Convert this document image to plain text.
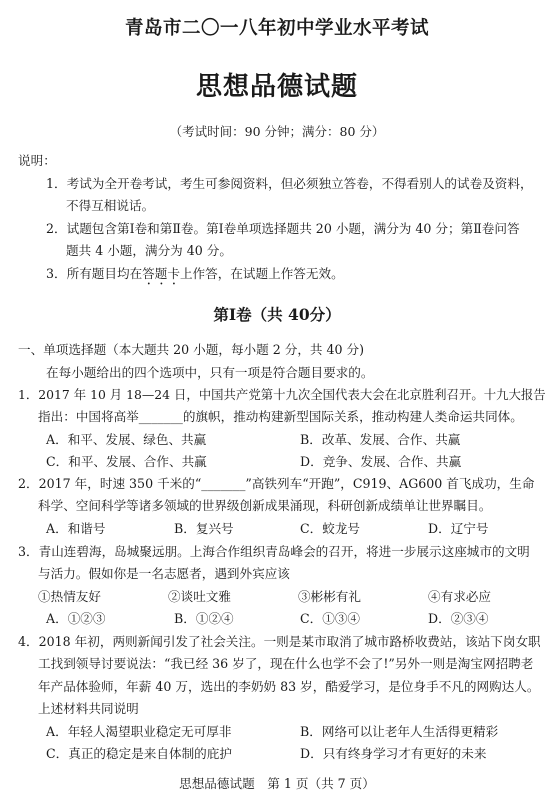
青岛市二〇一八年初中学业水平考试
思想品德试题
（考试时间：90 分钟；满分：80 分）
说明：
1．考试为全开卷考试，考生可参阅资料，但必须独立答卷，不得看别人的试卷及资料，
不得互相说话。
2．试题包含第Ⅰ卷和第Ⅱ卷。第Ⅰ卷单项选择题共 20 小题，满分为 40 分；第Ⅱ卷问答
题共 4 小题，满分为 40 分。
3．所有题目均在答题卡上作答，在试题上作答无效。
第Ⅰ卷（共 40分）
一、单项选择题（本大题共 20 小题，每小题 2 分，共 40 分)
在每小题给出的四个选项中，只有一项是符合题目要求的。
1．2017 年 10 月 18—24 日，中国共产党第十九次全国代表大会在北京胜利召开。十九大报告
指出：中国将高举_______的旗帜，推动构建新型国际关系，推动构建人类命运共同体。
A．和平、发展、绿色、共赢	B．改革、发展、合作、共赢
C．和平、发展、合作、共赢	D．竞争、发展、合作、共赢
2．2017 年，时速 350 千米的“_______”高铁列车“开跑”，C919、AG600 首飞成功，生命
科学、空间科学等诸多领域的世界级创新成果涌现，科研创新成绩单让世界瞩目。
A．和谐号	B．复兴号	C．蛟龙号	D．辽宁号
3．青山连碧海，岛城聚远朋。上海合作组织青岛峰会的召开，将进一步展示这座城市的文明
与活力。假如你是一名志愿者，遇到外宾应该
①热情友好	②谈吐文雅	③彬彬有礼	④有求必应
A．①②③	B．①②④	C．①③④	D．②③④
4．2018 年初，两则新闻引发了社会关注。一则是某市取消了城市路桥收费站，该站下岗女职
工找到领导讨要说法：“我已经 36 岁了，现在什么也学不会了!”另外一则是淘宝网招聘老
年产品体验师，年薪 40 万，选出的李奶奶 83 岁，酷爱学习，是位身手不凡的网购达人。
上述材料共同说明
A．年轻人渴望职业稳定无可厚非	B．网络可以让老年人生活得更精彩
C．真正的稳定是来自体制的庇护	D．只有终身学习才有更好的未来
思想品德试题　第 1 页（共 7 页）
